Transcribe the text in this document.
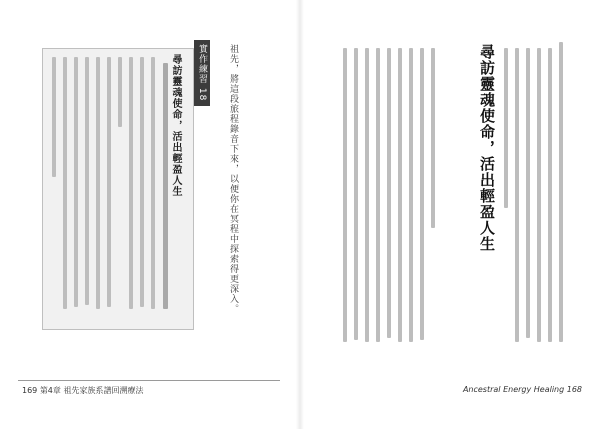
祖先，將這段旅程錄音下來，以便你在冥程中探索得更深入。
尋訪靈魂使命，活出輕盈人生	實作練習 18
169 第4章 祖先家族系譜回溯療法
尋訪靈魂使命，活出輕盈人生
Ancestral Energy Healing 168
